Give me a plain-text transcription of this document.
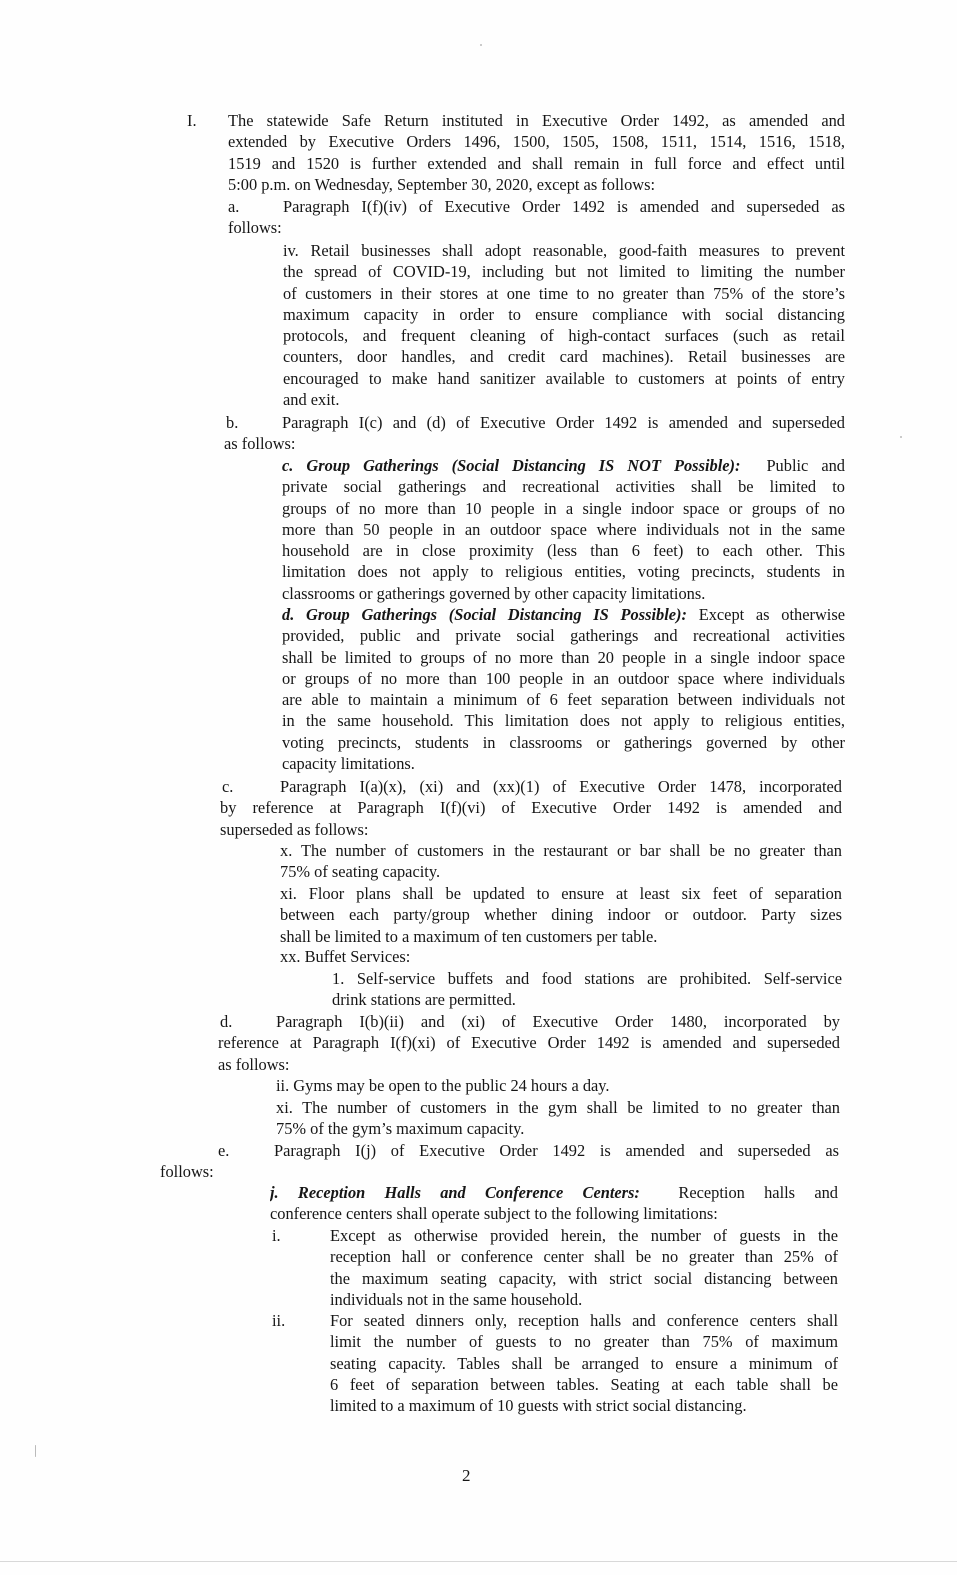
I. The statewide Safe Return instituted in Executive Order 1492, as amended and
extended by Executive Orders 1496, 1500, 1505, 1508, 1511, 1514, 1516, 1518,
1519 and 1520 is further extended and shall remain in full force and effect until
5:00 p.m. on Wednesday, September 30, 2020, except as follows:
a.	Paragraph I(f)(iv) of Executive Order 1492 is amended and superseded as
follows:
iv. Retail businesses shall adopt reasonable, good-faith measures to prevent
the spread of COVID-19, including but not limited to limiting the number
of customers in their stores at one time to no greater than 75% of the store’s
maximum capacity in order to ensure compliance with social distancing
protocols, and frequent cleaning of high-contact surfaces (such as retail
counters, door handles, and credit card machines). Retail businesses are
encouraged to make hand sanitizer available to customers at points of entry
and exit.
b.	Paragraph I(c) and (d) of Executive Order 1492 is amended and superseded
as follows:
c. Group Gatherings (Social Distancing IS NOT Possible): Public and
private social gatherings and recreational activities shall be limited to
groups of no more than 10 people in a single indoor space or groups of no
more than 50 people in an outdoor space where individuals not in the same
household are in close proximity (less than 6 feet) to each other. This
limitation does not apply to religious entities, voting precincts, students in
classrooms or gatherings governed by other capacity limitations.
d. Group Gatherings (Social Distancing IS Possible): Except as otherwise
provided, public and private social gatherings and recreational activities
shall be limited to groups of no more than 20 people in a single indoor space
or groups of no more than 100 people in an outdoor space where individuals
are able to maintain a minimum of 6 feet separation between individuals not
in the same household. This limitation does not apply to religious entities,
voting precincts, students in classrooms or gatherings governed by other
capacity limitations.
c.	Paragraph I(a)(x), (xi) and (xx)(1) of Executive Order 1478, incorporated
by reference at Paragraph I(f)(vi) of Executive Order 1492 is amended and
superseded as follows:
x. The number of customers in the restaurant or bar shall be no greater than
75% of seating capacity.
xi. Floor plans shall be updated to ensure at least six feet of separation
between each party/group whether dining indoor or outdoor. Party sizes
shall be limited to a maximum of ten customers per table.
xx. Buffet Services:
1. Self-service buffets and food stations are prohibited. Self-service
drink stations are permitted.
d.	Paragraph I(b)(ii) and (xi) of Executive Order 1480, incorporated by
reference at Paragraph I(f)(xi) of Executive Order 1492 is amended and superseded
as follows:
ii. Gyms may be open to the public 24 hours a day.
xi. The number of customers in the gym shall be limited to no greater than
75% of the gym’s maximum capacity.
e.	Paragraph I(j) of Executive Order 1492 is amended and superseded as
follows:
j. Reception Halls and Conference Centers: Reception halls and
conference centers shall operate subject to the following limitations:
i.	Except as otherwise provided herein, the number of guests in the
reception hall or conference center shall be no greater than 25% of
the maximum seating capacity, with strict social distancing between
individuals not in the same household.
ii.	For seated dinners only, reception halls and conference centers shall
limit the number of guests to no greater than 75% of maximum
seating capacity. Tables shall be arranged to ensure a minimum of
6 feet of separation between tables. Seating at each table shall be
limited to a maximum of 10 guests with strict social distancing.
2
